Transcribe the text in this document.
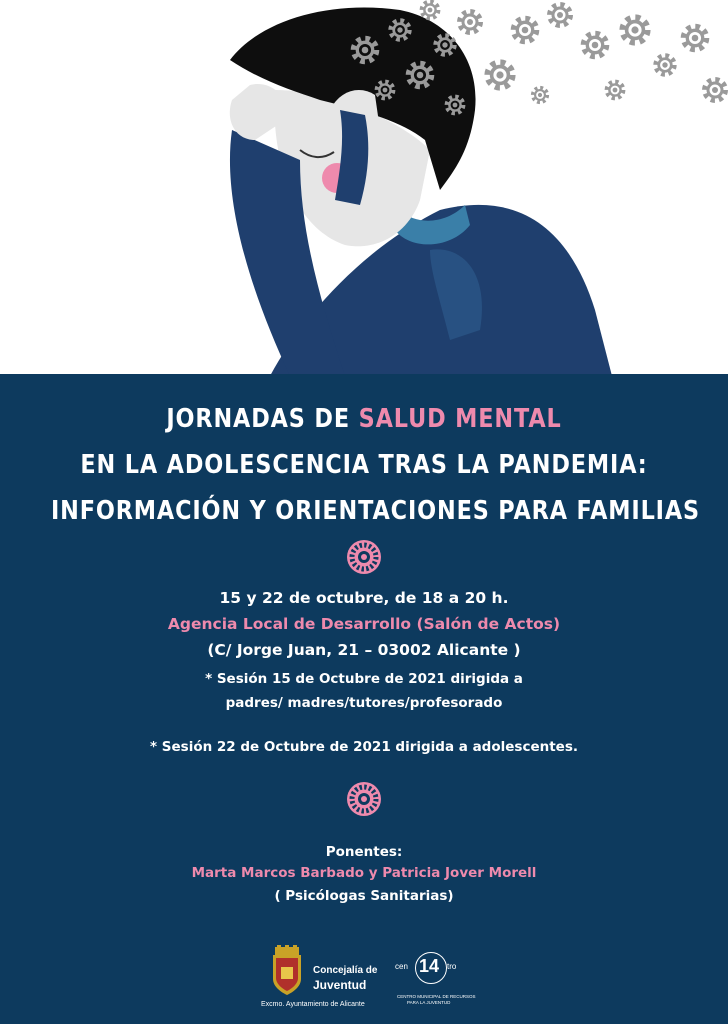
JORNADAS DE SALUD MENTAL
EN LA ADOLESCENCIA TRAS LA PANDEMIA:
INFORMACIÓN Y ORIENTACIONES PARA FAMILIAS
15 y 22 de octubre, de 18 a 20 h.
Agencia Local de Desarrollo (Salón de Actos)
(C/ Jorge Juan, 21 – 03002 Alicante )
* Sesión 15 de Octubre de 2021 dirigida a
padres/ madres/tutores/profesorado
* Sesión 22 de Octubre de 2021 dirigida a adolescentes.
Ponentes:
Marta Marcos Barbado y Patricia Jover Morell
( Psicólogas Sanitarias)
Concejalía de
Juventud
Excmo. Ayuntamiento de Alicante
cen 14 tro
CENTRO MUNICIPAL DE RECURSOS
PARA LA JUVENTUD
